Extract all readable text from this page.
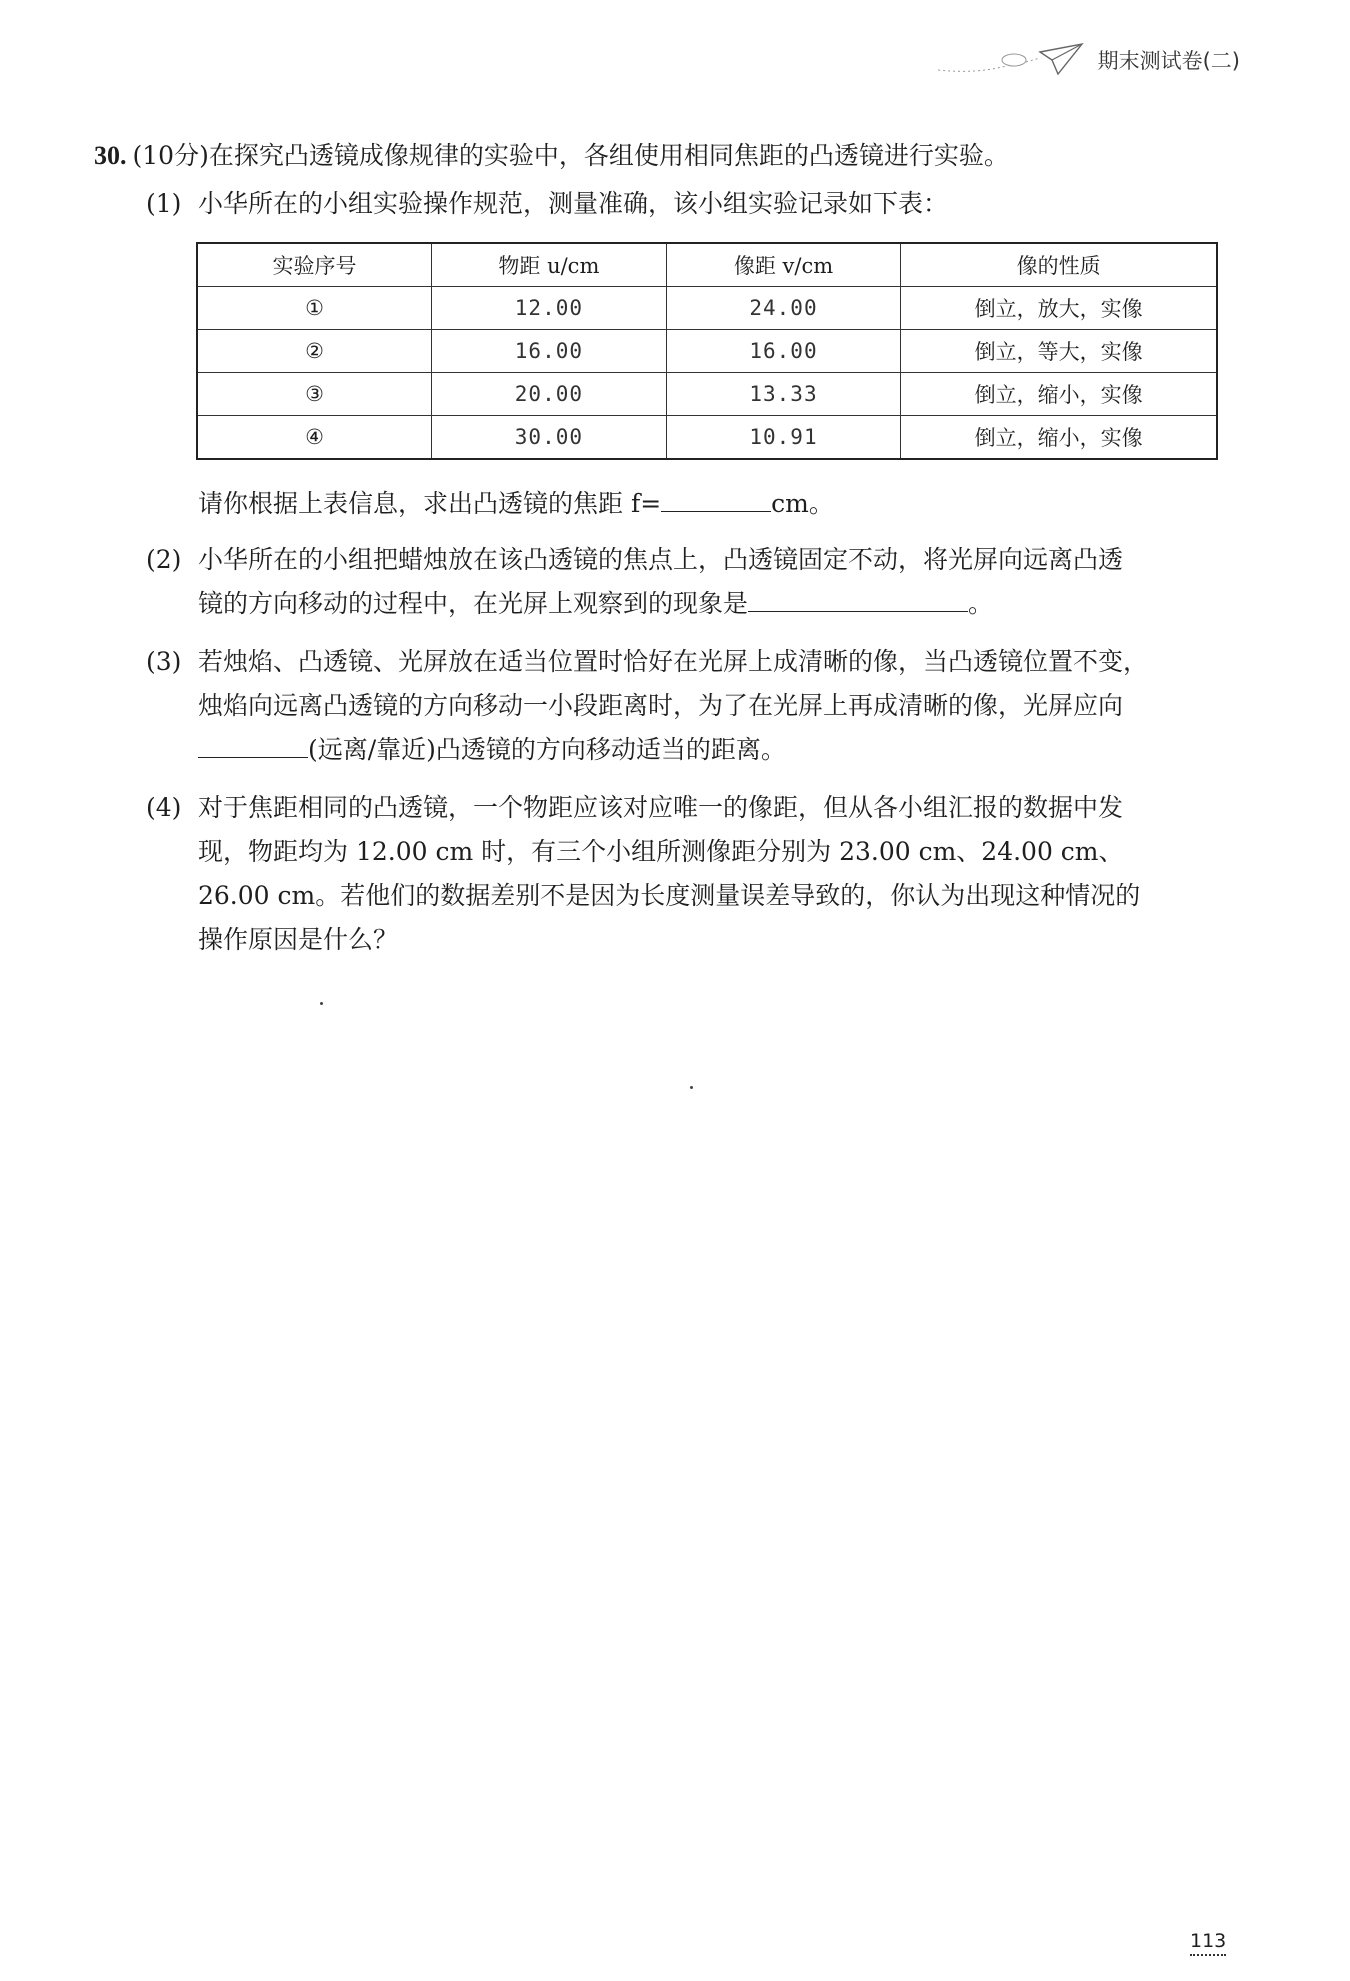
期末测试卷(二)
30. (10分)在探究凸透镜成像规律的实验中，各组使用相同焦距的凸透镜进行实验。
(1) 小华所在的小组实验操作规范，测量准确，该小组实验记录如下表：
实验序号	物距 u/cm	像距 v/cm	像的性质
①	12.00	24.00	倒立，放大，实像
②	16.00	16.00	倒立，等大，实像
③	20.00	13.33	倒立，缩小，实像
④	30.00	10.91	倒立，缩小，实像
请你根据上表信息，求出凸透镜的焦距 f=	cm。
(2) 小华所在的小组把蜡烛放在该凸透镜的焦点上，凸透镜固定不动，将光屏向远离凸透
镜的方向移动的过程中，在光屏上观察到的现象是	。
(3) 若烛焰、凸透镜、光屏放在适当位置时恰好在光屏上成清晰的像，当凸透镜位置不变，
烛焰向远离凸透镜的方向移动一小段距离时，为了在光屏上再成清晰的像，光屏应向
(远离/靠近)凸透镜的方向移动适当的距离。
(4) 对于焦距相同的凸透镜，一个物距应该对应唯一的像距，但从各小组汇报的数据中发
现，物距均为 12.00 cm 时，有三个小组所测像距分别为 23.00 cm、24.00 cm、
26.00 cm。若他们的数据差别不是因为长度测量误差导致的，你认为出现这种情况的
操作原因是什么？
113
